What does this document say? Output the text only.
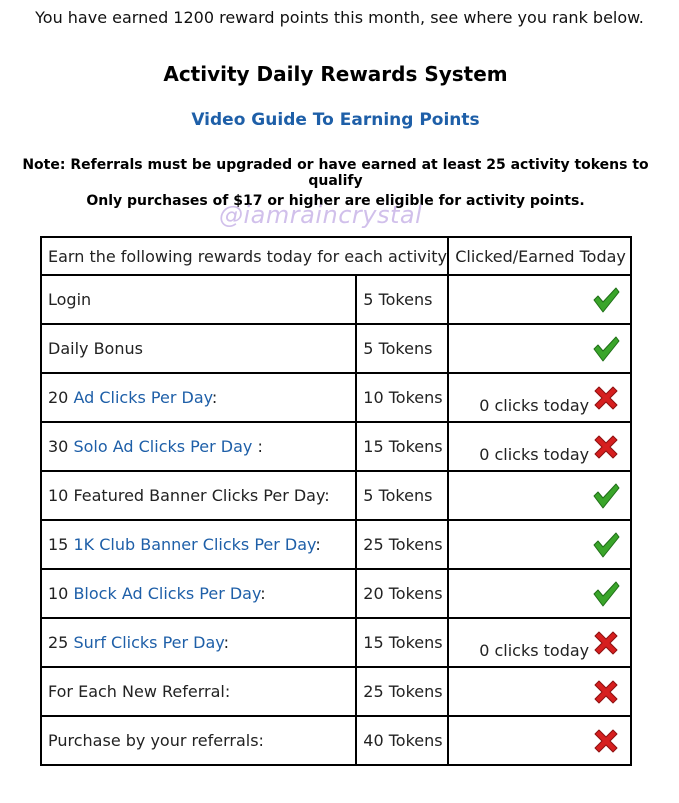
You have earned 1200 reward points this month, see where you rank below.
Activity Daily Rewards System
Video Guide To Earning Points
Note: Referrals must be upgraded or have earned at least 25 activity tokens to qualify
Only purchases of $17 or higher are eligible for activity points.
@iamraincrystal
Earn the following rewards today for each activity		Clicked/Earned Today
Login	5 Tokens	

Daily Bonus	5 Tokens	

20 Ad Clicks Per Day:	10 Tokens	0 clicks today

30 Solo Ad Clicks Per Day :	15 Tokens	0 clicks today

10 Featured Banner Clicks Per Day:	5 Tokens	

15 1K Club Banner Clicks Per Day:	25 Tokens	

10 Block Ad Clicks Per Day:	20 Tokens	

25 Surf Clicks Per Day:	15 Tokens	0 clicks today

For Each New Referral:	25 Tokens	

Purchase by your referrals:	40 Tokens	
